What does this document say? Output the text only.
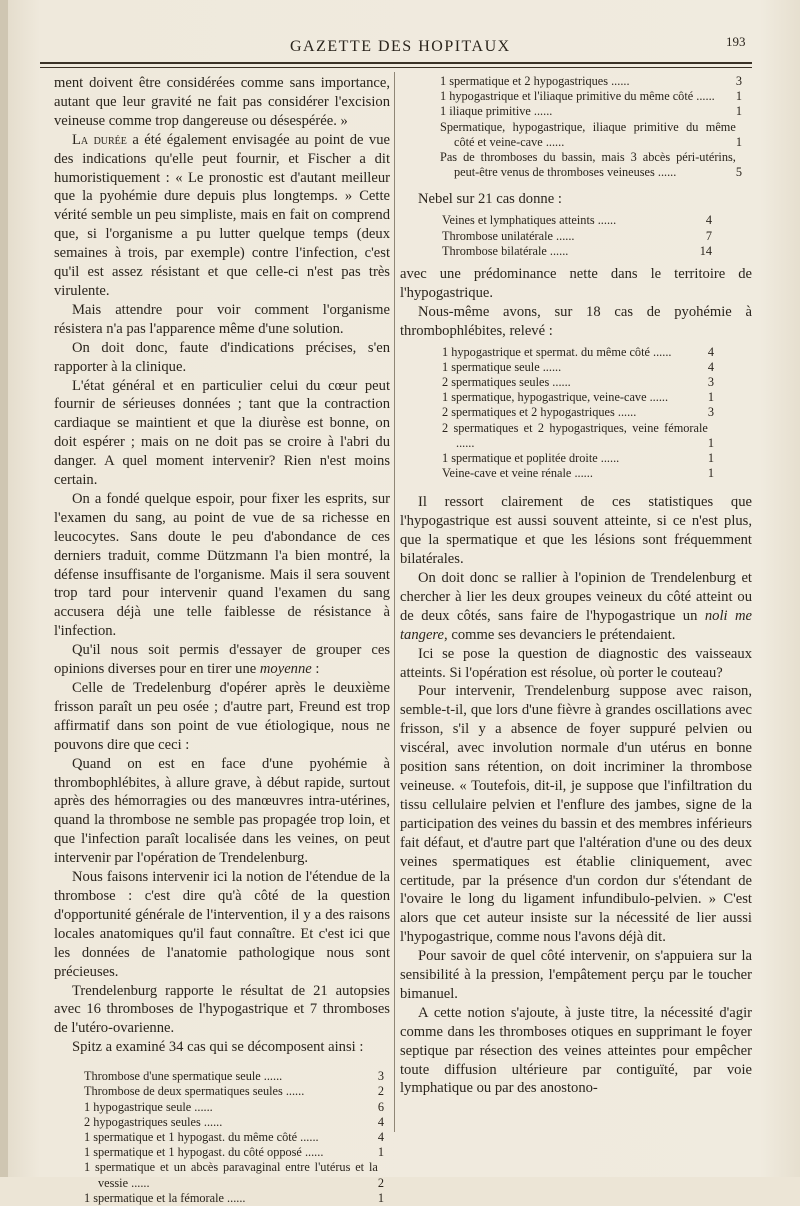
GAZETTE DES HOPITAUX	193

ment doivent être considérées comme sans importance, autant que leur gravité ne fait pas considérer l'excision veineuse comme trop dangereuse ou désespérée. »

La durée a été également envisagée au point de vue des indications qu'elle peut fournir, et Fischer a dit humoristiquement : « Le pronostic est d'autant meilleur que la pyohémie dure depuis plus longtemps. » Cette vérité semble un peu simpliste, mais en fait on comprend que, si l'organisme a pu lutter quelque temps (deux semaines à trois, par exemple) contre l'infection, c'est qu'il est assez résistant et que celle-ci n'est pas très virulente.

Mais attendre pour voir comment l'organisme résistera n'a pas l'apparence même d'une solution.

On doit donc, faute d'indications précises, s'en rapporter à la clinique.

L'état général et en particulier celui du cœur peut fournir de sérieuses données ; tant que la contraction cardiaque se maintient et que la diurèse est bonne, on doit espérer ; mais on ne doit pas se croire à l'abri du danger. A quel moment intervenir? Rien n'est moins certain.

On a fondé quelque espoir, pour fixer les esprits, sur l'examen du sang, au point de vue de sa richesse en leucocytes. Sans doute le peu d'abondance de ces derniers traduit, comme Dützmann l'a bien montré, la défense insuffisante de l'organisme. Mais il sera souvent trop tard pour intervenir quand l'examen du sang accusera déjà une telle faiblesse de résistance à l'infection.

Qu'il nous soit permis d'essayer de grouper ces opinions diverses pour en tirer une moyenne :

Celle de Tredelenburg d'opérer après le deuxième frisson paraît un peu osée ; d'autre part, Freund est trop affirmatif dans son point de vue étiologique, nous ne pouvons dire que ceci :

Quand on est en face d'une pyohémie à thrombophlébites, à allure grave, à début rapide, surtout après des hémorragies ou des manœuvres intra-utérines, quand la thrombose ne semble pas propagée trop loin, et que l'infection paraît localisée dans les veines, on peut intervenir par l'opération de Trendelenburg.

Nous faisons intervenir ici la notion de l'étendue de la thrombose : c'est dire qu'à côté de la question d'opportunité générale de l'intervention, il y a des raisons locales anatomiques qu'il faut connaître. Et c'est ici que les données de l'anatomie pathologique nous sont précieuses.

Trendelenburg rapporte le résultat de 21 autopsies avec 16 thromboses de l'hypogastrique et 7 thromboses de l'utéro-ovarienne.

Spitz a examiné 34 cas qui se décomposent ainsi :

Thrombose d'une spermatique seule ......	3
Thrombose de deux spermatiques seules ......	2
1 hypogastrique seule ......	6
2 hypogastriques seules ......	4
1 spermatique et 1 hypogast. du même côté ......	4
1 spermatique et 1 hypogast. du côté opposé ......	1
1 spermatique et un abcès paravaginal entre l'utérus et la vessie ......	2
1 spermatique et la fémorale ......	1
1 spermatique et 2 hypogastriques ......	3
1 hypogastrique et l'iliaque primitive du même côté ......	1
1 iliaque primitive ......	1
Spermatique, hypogastrique, iliaque primitive du même côté et veine-cave ......	1
Pas de thromboses du bassin, mais 3 abcès péri-utérins, peut-être venus de thromboses veineuses ......	5

Nebel sur 21 cas donne :

Veines et lymphatiques atteints ......	4
Thrombose unilatérale ......	7
Thrombose bilatérale ......	14

avec une prédominance nette dans le territoire de l'hypogastrique.

Nous-même avons, sur 18 cas de pyohémie à thrombophlébites, relevé :

1 hypogastrique et spermat. du même côté ......	4
1 spermatique seule ......	4
2 spermatiques seules ......	3
1 spermatique, hypogastrique, veine-cave ......	1
2 spermatiques et 2 hypogastriques ......	3
2 spermatiques et 2 hypogastriques, veine fémorale ......	1
1 spermatique et poplitée droite ......	1
Veine-cave et veine rénale ......	1

Il ressort clairement de ces statistiques que l'hypogastrique est aussi souvent atteinte, si ce n'est plus, que la spermatique et que les lésions sont fréquemment bilatérales.

On doit donc se rallier à l'opinion de Trendelenburg et chercher à lier les deux groupes veineux du côté atteint ou de deux côtés, sans faire de l'hypogastrique un noli me tangere, comme ses devanciers le prétendaient.

Ici se pose la question de diagnostic des vaisseaux atteints. Si l'opération est résolue, où porter le couteau?

Pour intervenir, Trendelenburg suppose avec raison, semble-t-il, que lors d'une fièvre à grandes oscillations avec frisson, s'il y a absence de foyer suppuré pelvien ou viscéral, avec involution normale d'un utérus en bonne position sans rétention, on doit incriminer la thrombose veineuse. « Toutefois, dit-il, je suppose que l'infiltration du tissu cellulaire pelvien et l'enflure des jambes, signe de la participation des veines du bassin et des membres inférieurs fait défaut, et d'autre part que l'altération d'une ou des deux veines spermatiques est établie cliniquement, avec certitude, par la présence d'un cordon dur s'étendant de l'ovaire le long du ligament infundibulo-pelvien. » C'est alors que cet auteur insiste sur la nécessité de lier aussi l'hypogastrique, comme nous l'avons déjà dit.

Pour savoir de quel côté intervenir, on s'appuiera sur la sensibilité à la pression, l'empâtement perçu par le toucher bimanuel.

A cette notion s'ajoute, à juste titre, la nécessité d'agir comme dans les thromboses otiques en supprimant le foyer septique par résection des veines atteintes pour empêcher toute diffusion ultérieure par contiguïté, par voie lymphatique ou par des anostono-
